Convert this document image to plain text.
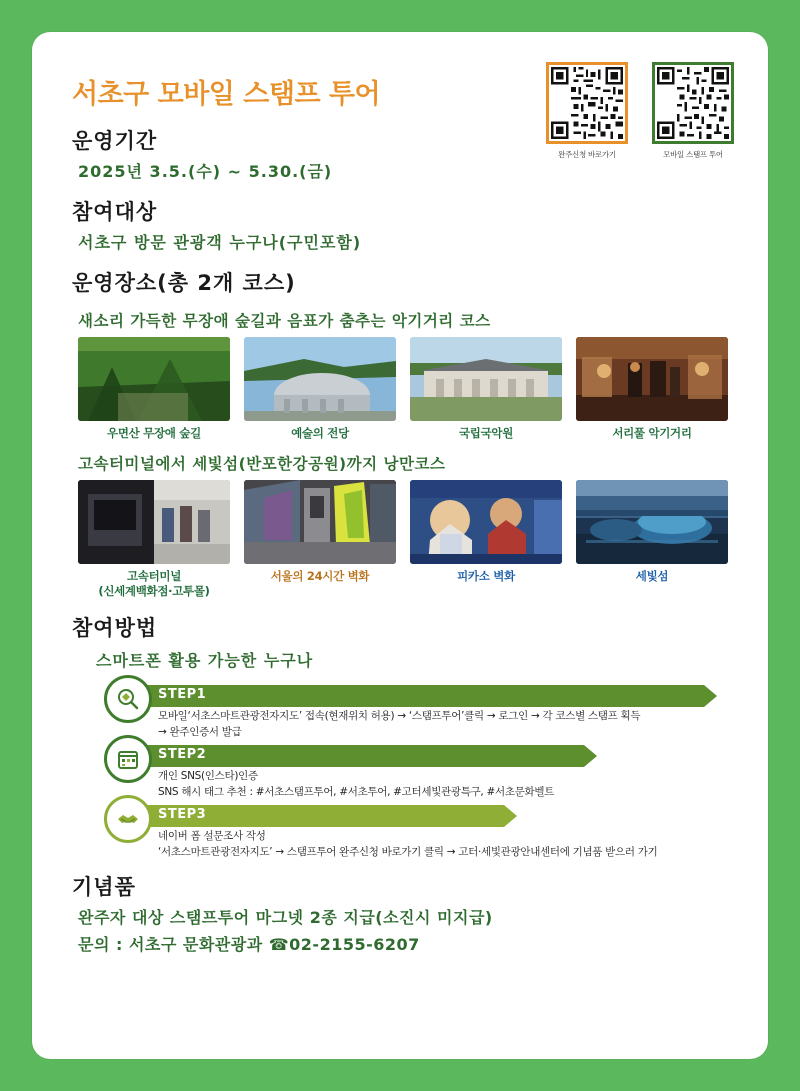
완주신청 바로가기	모바일 스탬프 투어
서초구 모바일 스탬프 투어
운영기간

2025년 3.5.(수) ~ 5.30.(금)

참여대상

서초구 방문 관광객 누구나(구민포함)

운영장소(총 2개 코스)

새소리 가득한 무장애 숲길과 음표가 춤추는 악기거리 코스

우면산 무장애 숲길	예술의 전당	국립국악원	서리풀 악기거리

고속터미널에서 세빛섬(반포한강공원)까지 낭만코스

고속터미널
(신세계백화점·고투몰)
서울의 24시간 벽화	피카소 벽화	세빛섬
참여방법

스마트폰 활용 가능한 누구나

STEP1
모바일‘서초스마트관광전자지도’ 접속(현재위치 허용) → ‘스탬프투어’클릭 → 로그인 → 각 코스별 스탬프 획득
→ 완주인증서 발급
STEP2
개인 SNS(인스타)인증
SNS 해시 태그 추천 : #서초스탬프투어, #서초투어, #고터세빛관광특구, #서초문화벨트
STEP3
네이버 폼 설문조사 작성
‘서초스마트관광전자지도’ → 스탬프투어 완주신청 바로가기 클릭 → 고터·세빛관광안내센터에 기념품 받으러 가기
기념품

완주자 대상 스탬프투어 마그넷 2종 지급(소진시 미지급)

문의 : 서초구 문화관광과 ☎02-2155-6207
